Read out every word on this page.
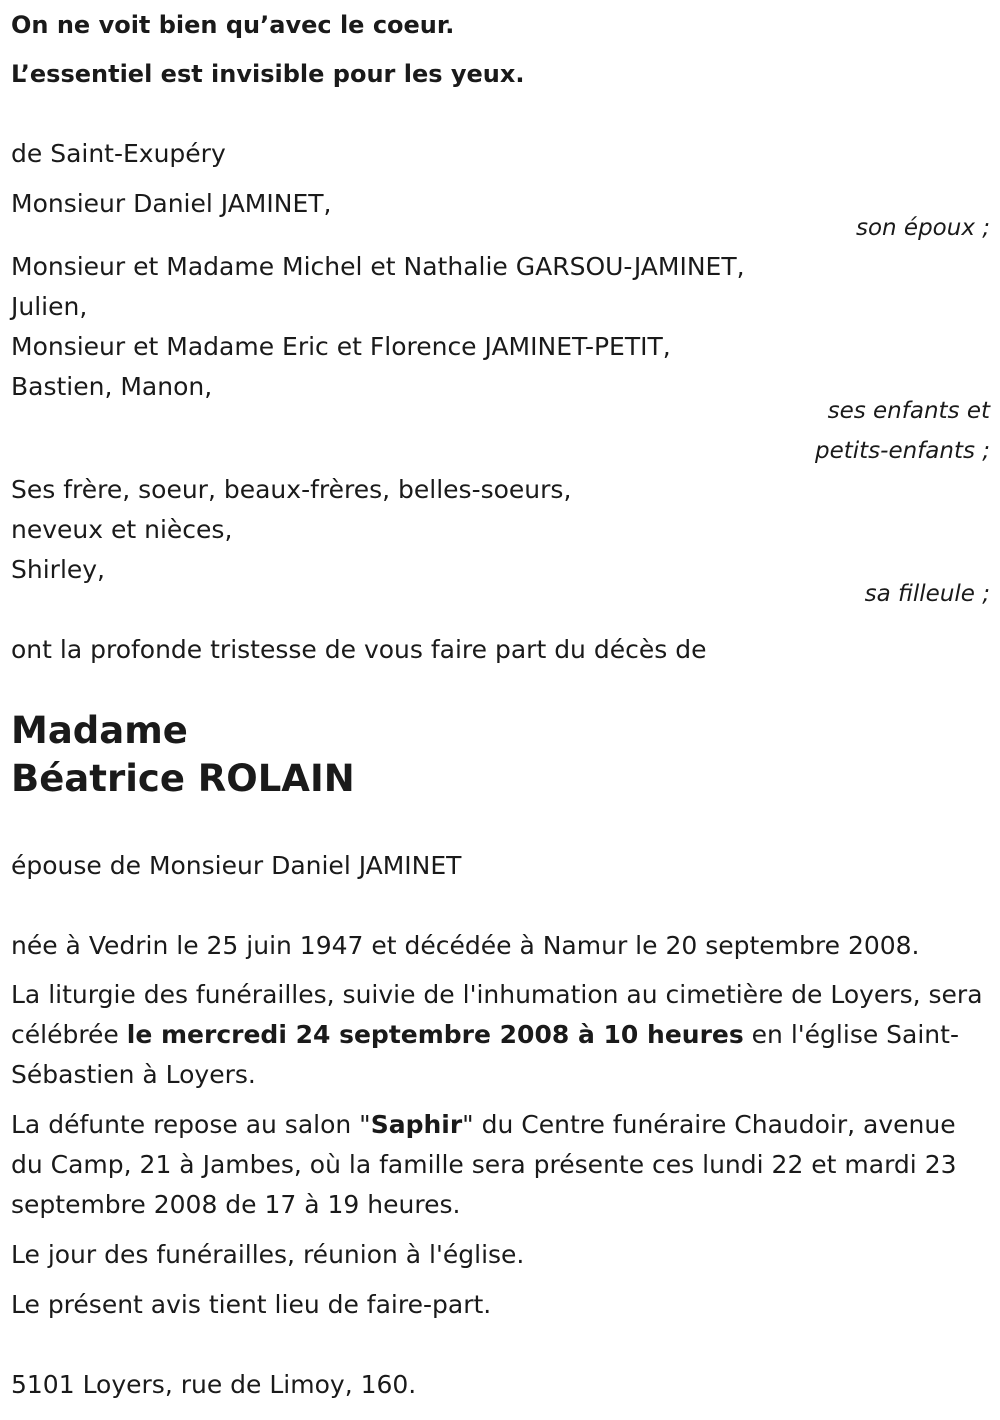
On ne voit bien qu’avec le coeur.
L’essentiel est invisible pour les yeux.
de Saint-Exupéry
Monsieur Daniel JAMINET,
son époux ;
Monsieur et Madame Michel et Nathalie GARSOU-JAMINET,
Julien,
Monsieur et Madame Eric et Florence JAMINET-PETIT,
Bastien, Manon,
ses enfants et
petits-enfants ;
Ses frère, soeur, beaux-frères, belles-soeurs,
neveux et nièces,
Shirley,
sa filleule ;
ont la profonde tristesse de vous faire part du décès de
Madame
Béatrice ROLAIN
épouse de Monsieur Daniel JAMINET
née à Vedrin le 25 juin 1947 et décédée à Namur le 20 septembre 2008.
La liturgie des funérailles, suivie de l'inhumation au cimetière de Loyers, sera célébrée le mercredi 24 septembre 2008 à 10 heures en l'église Saint-Sébastien à Loyers.
La défunte repose au salon "Saphir" du Centre funéraire Chaudoir, avenue du Camp, 21 à Jambes, où la famille sera présente ces lundi 22 et mardi 23 septembre 2008 de 17 à 19 heures.
Le jour des funérailles, réunion à l'église.
Le présent avis tient lieu de faire-part.
5101 Loyers, rue de Limoy, 160.
